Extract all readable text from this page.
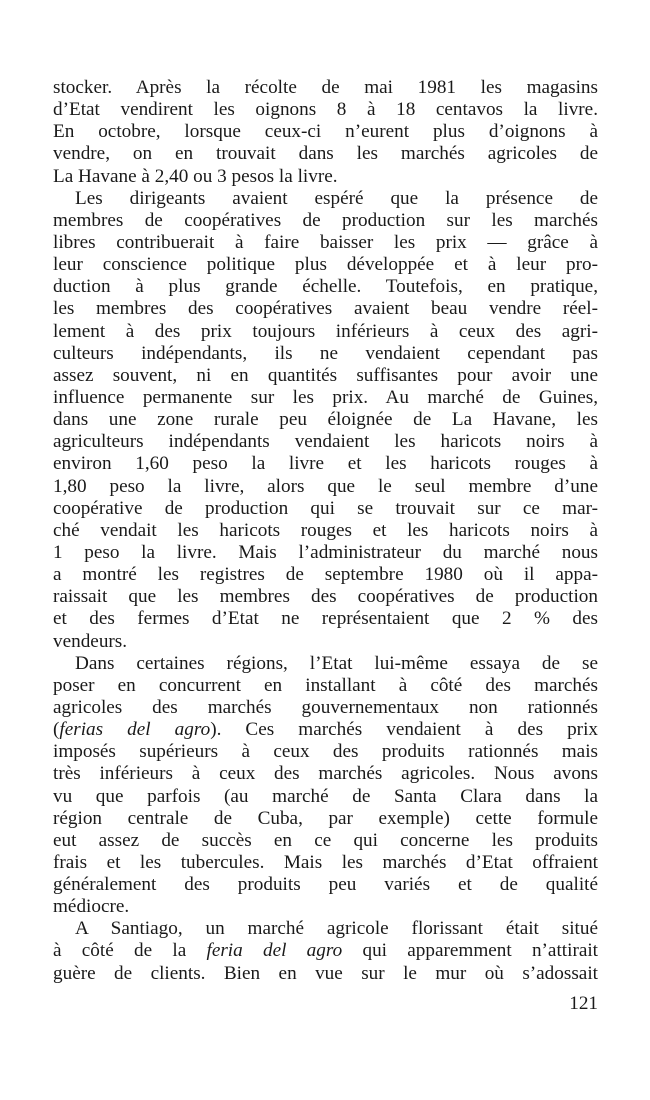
stocker. Après la récolte de mai 1981 les magasins
d’Etat vendirent les oignons 8 à 18 centavos la livre.
En octobre, lorsque ceux-ci n’eurent plus d’oignons à
vendre, on en trouvait dans les marchés agricoles de
La Havane à 2,40 ou 3 pesos la livre.
Les dirigeants avaient espéré que la présence de
membres de coopératives de production sur les marchés
libres contribuerait à faire baisser les prix — grâce à
leur conscience politique plus développée et à leur pro-
duction à plus grande échelle. Toutefois, en pratique,
les membres des coopératives avaient beau vendre réel-
lement à des prix toujours inférieurs à ceux des agri-
culteurs indépendants, ils ne vendaient cependant pas
assez souvent, ni en quantités suffisantes pour avoir une
influence permanente sur les prix. Au marché de Guines,
dans une zone rurale peu éloignée de La Havane, les
agriculteurs indépendants vendaient les haricots noirs à
environ 1,60 peso la livre et les haricots rouges à
1,80 peso la livre, alors que le seul membre d’une
coopérative de production qui se trouvait sur ce mar-
ché vendait les haricots rouges et les haricots noirs à
1 peso la livre. Mais l’administrateur du marché nous
a montré les registres de septembre 1980 où il appa-
raissait que les membres des coopératives de production
et des fermes d’Etat ne représentaient que 2 % des
vendeurs.
Dans certaines régions, l’Etat lui-même essaya de se
poser en concurrent en installant à côté des marchés
agricoles des marchés gouvernementaux non rationnés
(ferias del agro). Ces marchés vendaient à des prix
imposés supérieurs à ceux des produits rationnés mais
très inférieurs à ceux des marchés agricoles. Nous avons
vu que parfois (au marché de Santa Clara dans la
région centrale de Cuba, par exemple) cette formule
eut assez de succès en ce qui concerne les produits
frais et les tubercules. Mais les marchés d’Etat offraient
généralement des produits peu variés et de qualité
médiocre.
A Santiago, un marché agricole florissant était situé
à côté de la feria del agro qui apparemment n’attirait
guère de clients. Bien en vue sur le mur où s’adossait
121
